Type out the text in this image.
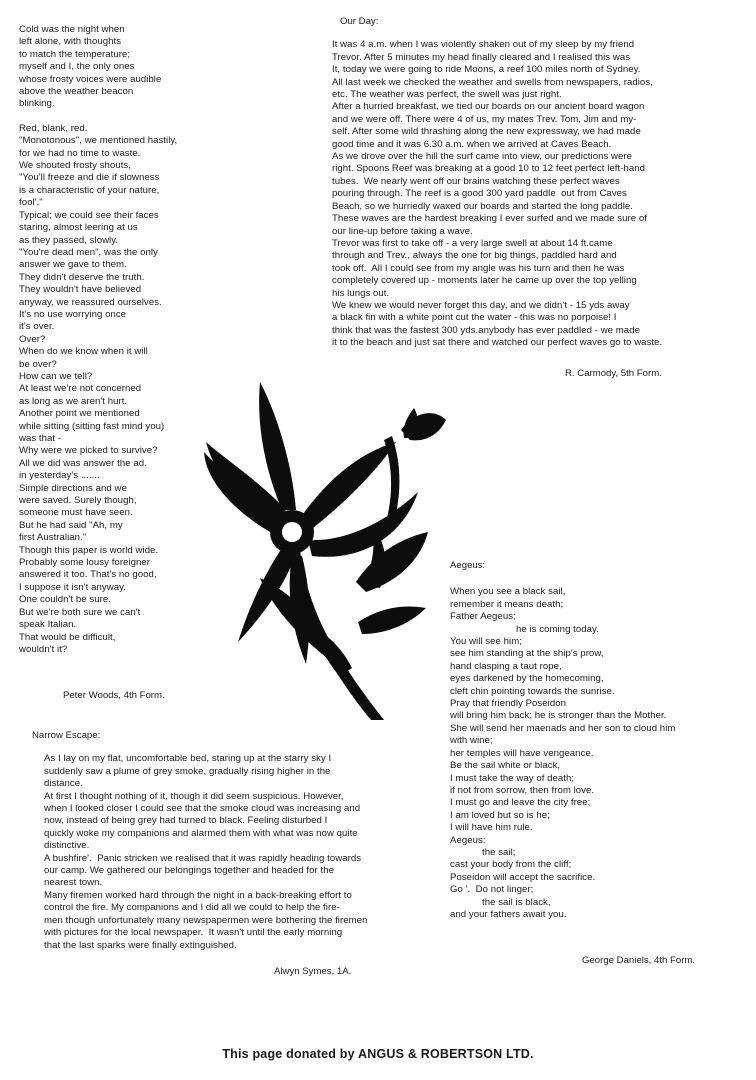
Cold was the night when
left alone, with thoughts
to match the temperature;
myself and I, the only ones
whose frosty voices were audible
above the weather beacon
blinking.
Red, blank, red.
"Monotonous", we mentioned hastily,
for we had no time to waste.
We shouted frosty shouts,
"You'll freeze and die if slowness
is a characteristic of your nature,
fool'."
Typical; we could see their faces
staring, almost leering at us
as they passed, slowly.
"You're dead men", was the only
answer we gave to them.
They didn't deserve the truth.
They wouldn't have believed
anyway, we reassured ourselves.
It's no use worrying once
it's over.
Over?
When do we know when it will
be over?
How can we tell?
At least we're not concerned
as long as we aren't hurt.
Another point we mentioned
while sitting (sitting fast mind you)
was that -
Why were we picked to survive?
All we did was answer the ad.
in yesterday's .......
Simple directions and we
were saved. Surely though,
someone must have seen.
But he had said "Ah, my
first Australian."
Though this paper is world wide.
Probably some lousy foreigner
answered it too. That's no good,
I suppose it isn't anyway.
One couldn't be sure.
But we're both sure we can't
speak Italian.
That would be difficult,
wouldn't it?
Peter Woods, 4th Form.
Our Day:
It was 4 a.m. when I was violently shaken out of my sleep by my friend
Trevor. After 5 minutes my head finally cleared and I realised this was
It, today we were going to ride Moons, a reef 100 miles north of Sydney.
All last week we checked the weather and swells from newspapers, radios,
etc. The weather was perfect, the swell was just right.
After a hurried breakfast, we tied our boards on our ancient board wagon
and we were off. There were 4 of us, my mates Trev. Tom, Jim and my-
self. After some wild thrashing along the new expressway, we had made
good time and it was 6.30 a.m. when we arrived at Caves Beach.
As we drove over the hill the surf came into view, our predictions were
right. Spoons Reef was breaking at a good 10 to 12 feet perfect left-hand
tubes.  We nearly went off our brains watching these perfect waves
pouring through. The reef is a good 300 yard paddle  out from Caves
Beach, so we hurriedly waxed our boards and started the long paddle.
These waves are the hardest breaking I ever surfed and we made sure of
our line-up before taking a wave.
Trevor was first to take off - a very large swell at about 14 ft.came
through and Trev., always the one for big things, paddled hard and
took off.  All I could see from my angle was his turn and then he was
completely covered up - moments later he came up over the top yelling
his lungs out.
We knew we would never forget this day, and we didn't - 15 yds away
a black fin with a white point cut the water - this was no porpoise! I
think that was the fastest 300 yds.anybody has ever paddled - we made
it to the beach and just sat there and watched our perfect waves go to waste.
R. Carmody, 5th Form.
Narrow Escape:
As I lay on my flat, uncomfortable bed, staring up at the starry sky I
suddenly saw a plume of grey smoke, gradually rising higher in the
distance.
At first I thought nothing of it, though it did seem suspicious. However,
when I looked closer I could see that the smoke cloud was increasing and
now, instead of being grey had turned to black. Feeling disturbed I
quickly woke my companions and alarmed them with what was now quite
distinctive.
A bushfire'.  Panic stricken we realised that it was rapidly heading towards
our camp. We gathered our belongings together and headed for the
nearest town.
Many firemen worked hard through the night in a back-breaking effort to
control the fire. My companions and I did all we could to help the fire-
men though unfortunately many newspapermen were bothering the firemen
with pictures for the local newspaper.  It wasn't until the early morning
that the last sparks were finally extinguished.
Alwyn Symes, 1A.
Aegeus:
When you see a black sail,
remember it means death;
Father Aegeus;
he is coming today.
You will see him;
see him standing at the ship's prow,
hand clasping a taut rope,
eyes darkened by the homecoming,
cleft chin pointing towards the sunrise.
Pray that friendly Poseidon
will bring him back; he is stronger than the Mother.
She will send her maenads and her son to cloud him
with wine;
her temples will have vengeance.
Be the sail white or black,
I must take the way of death;
if not from sorrow, then from love.
I must go and leave the city free;
I am loved but so is he;
I will have him rule.
Aegeus:
the sail;
cast your body from the cliff;
Poseidon will accept the sacrifice.
Go '.  Do not linger;
the sail is black,
and your fathers await you.
George Daniels, 4th Form.
This page donated by ANGUS & ROBERTSON LTD.
